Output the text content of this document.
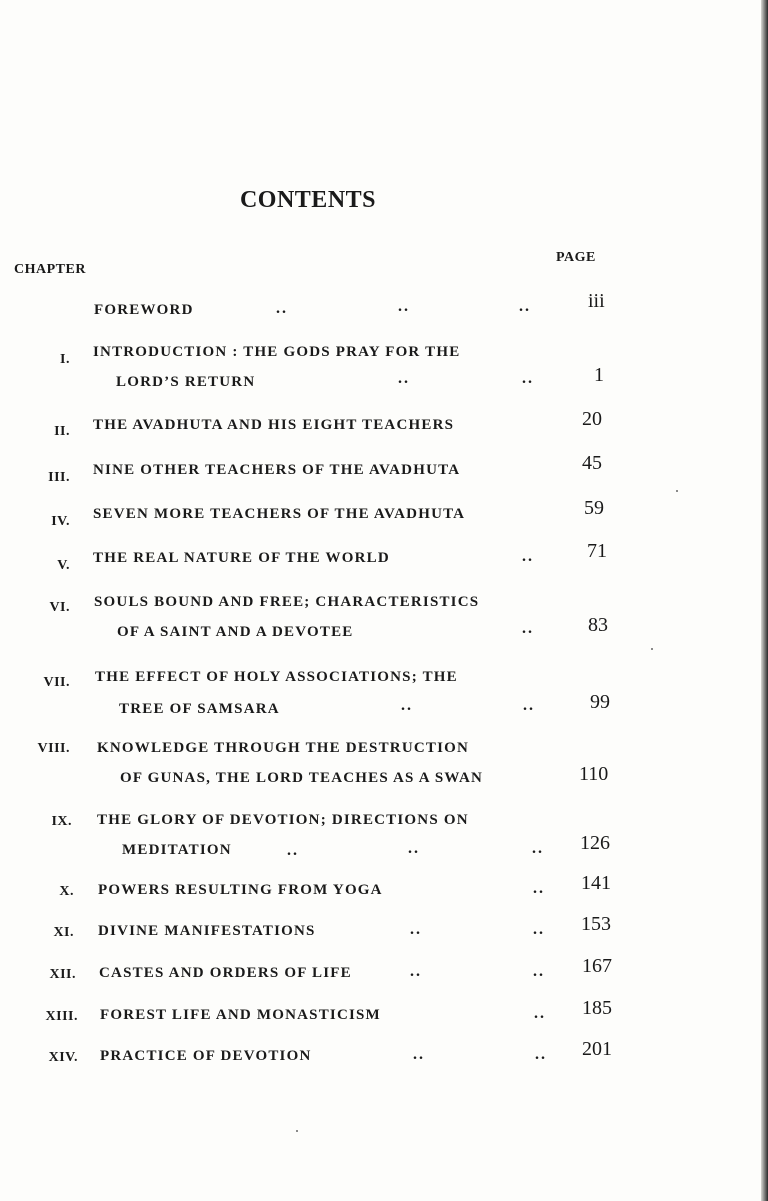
CONTENTS
CHAPTER
PAGE
FOREWORD	..	..	..	iii
I. INTRODUCTION : THE GODS PRAY FOR THE
LORD’S RETURN	..	..	1
II. THE AVADHUTA AND HIS EIGHT TEACHERS	20
III. NINE OTHER TEACHERS OF THE AVADHUTA	45
IV. SEVEN MORE TEACHERS OF THE AVADHUTA	59
V. THE REAL NATURE OF THE WORLD	..	71
VI. SOULS BOUND AND FREE; CHARACTERISTICS
OF A SAINT AND A DEVOTEE	..	83
VII. THE EFFECT OF HOLY ASSOCIATIONS; THE
TREE OF SAMSARA	..	..	99
VIII. KNOWLEDGE THROUGH THE DESTRUCTION
OF GUNAS, THE LORD TEACHES AS A SWAN	110
IX. THE GLORY OF DEVOTION; DIRECTIONS ON
MEDITATION	..	..	.. 126
X. POWERS RESULTING FROM YOGA	.. 141
XI. DIVINE MANIFESTATIONS	..	.. 153
XII. CASTES AND ORDERS OF LIFE	..	.. 167
XIII. FOREST LIFE AND MONASTICISM	.. 185
XIV. PRACTICE OF DEVOTION	..	.. 201
